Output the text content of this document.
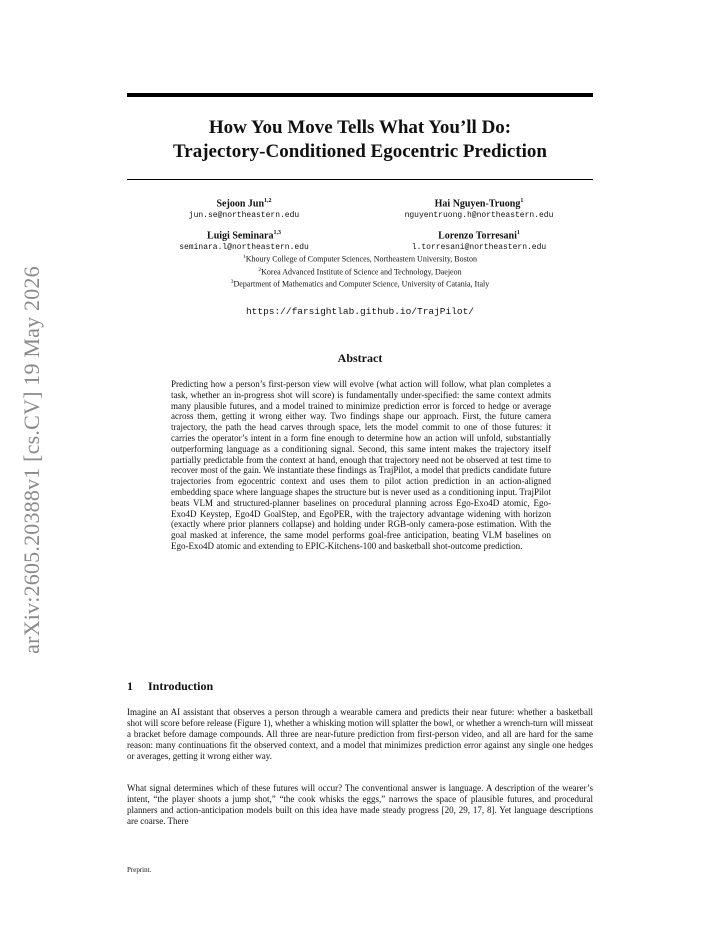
arXiv:2605.20388v1 [cs.CV] 19 May 2026
How You Move Tells What You’ll Do:
Trajectory-Conditioned Egocentric Prediction
Sejoon Jun$^{1,2}$
jun.se@northeastern.edu
Hai Nguyen-Truong$^1$
nguyentruong.h@northeastern.edu
Luigi Seminara$^{1,3}$
seminara.l@northeastern.edu
Lorenzo Torresani$^1$
l.torresani@northeastern.edu
$^1$Khoury College of Computer Sciences, Northeastern University, Boston
$^2$Korea Advanced Institute of Science and Technology, Daejeon
$^3$Department of Mathematics and Computer Science, University of Catania, Italy
https://farsightlab.github.io/TrajPilot/
Abstract
Predicting how a person’s first-person view will evolve (what action will follow, what plan completes a task, whether an in-progress shot will score) is fundamentally under-specified: the same context admits many plausible futures, and a model trained to minimize prediction error is forced to hedge or average across them, getting it wrong either way. Two findings shape our approach. First, the future camera trajectory, the path the head carves through space, lets the model commit to one of those futures: it carries the operator’s intent in a form fine enough to determine how an action will unfold, substantially outperforming language as a conditioning signal. Second, this same intent makes the trajectory itself partially predictable from the context at hand, enough that trajectory need not be observed at test time to recover most of the gain. We instantiate these findings as TrajPilot, a model that predicts candidate future trajectories from egocentric context and uses them to pilot action prediction in an action-aligned embedding space where language shapes the structure but is never used as a conditioning input. TrajPilot beats VLM and structured-planner baselines on procedural planning across Ego-Exo4D atomic, Ego-Exo4D Keystep, Ego4D GoalStep, and EgoPER, with the trajectory advantage widening with horizon (exactly where prior planners collapse) and holding under RGB-only camera-pose estimation. With the goal masked at inference, the same model performs goal-free anticipation, beating VLM baselines on Ego-Exo4D atomic and extending to EPIC-Kitchens-100 and basketball shot-outcome prediction.
1 Introduction

Imagine an AI assistant that observes a person through a wearable camera and predicts their near future: whether a basketball shot will score before release (Figure 1), whether a whisking motion will splatter the bowl, or whether a wrench-turn will misseat a bracket before damage compounds. All three are near-future prediction from first-person video, and all are hard for the same reason: many continuations fit the observed context, and a model that minimizes prediction error against any single one hedges or averages, getting it wrong either way.

What signal determines which of these futures will occur? The conventional answer is language. A description of the wearer’s intent, “the player shoots a jump shot,” “the cook whisks the eggs,” narrows the space of plausible futures, and procedural planners and action-anticipation models built on this idea have made steady progress [20, 29, 17, 8]. Yet language descriptions are coarse. There

Preprint.
